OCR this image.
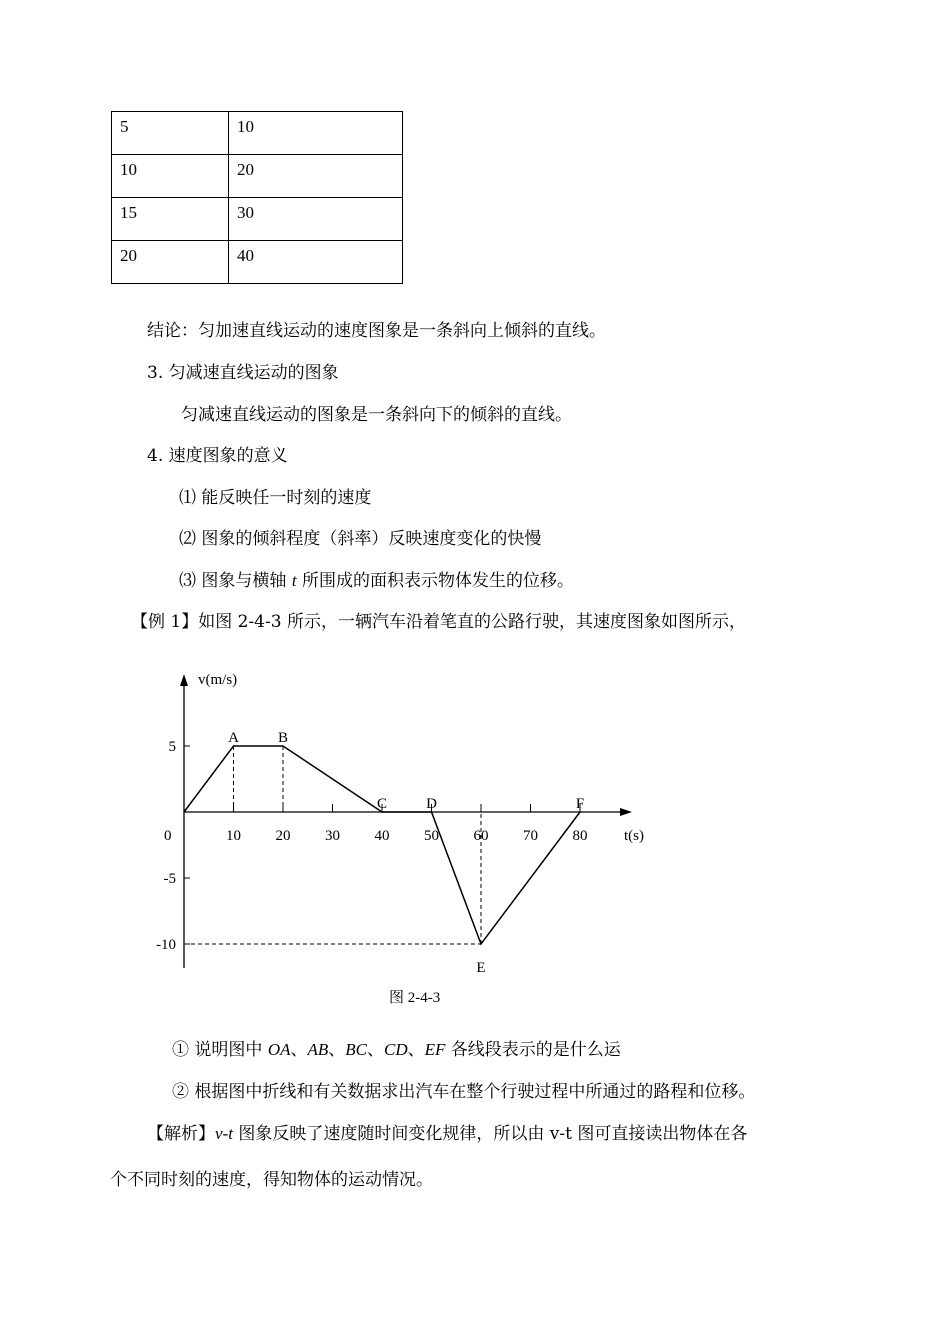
5	10
10	20
15	30
20	40
结论：匀加速直线运动的速度图象是一条斜向上倾斜的直线。
3. 匀减速直线运动的图象
匀减速直线运动的图象是一条斜向下的倾斜的直线。
4. 速度图象的意义
⑴ 能反映任一时刻的速度
⑵ 图象的倾斜程度（斜率）反映速度变化的快慢
⑶ 图象与横轴 t 所围成的面积表示物体发生的位移。
【例 1】如图 2-4-3 所示，一辆汽车沿着笔直的公路行驶，其速度图象如图所示，
v(m/s)
t(s)
0	10 20 30 40 50 60 70 80
5
-5
-10
A	B
C	D
E
F
图 2-4-3
① 说明图中 OA、AB、BC、CD、EF 各线段表示的是什么运
② 根据图中折线和有关数据求出汽车在整个行驶过程中所通过的路程和位移。
【解析】v-t 图象反映了速度随时间变化规律，所以由 v-t 图可直接读出物体在各
个不同时刻的速度，得知物体的运动情况。
